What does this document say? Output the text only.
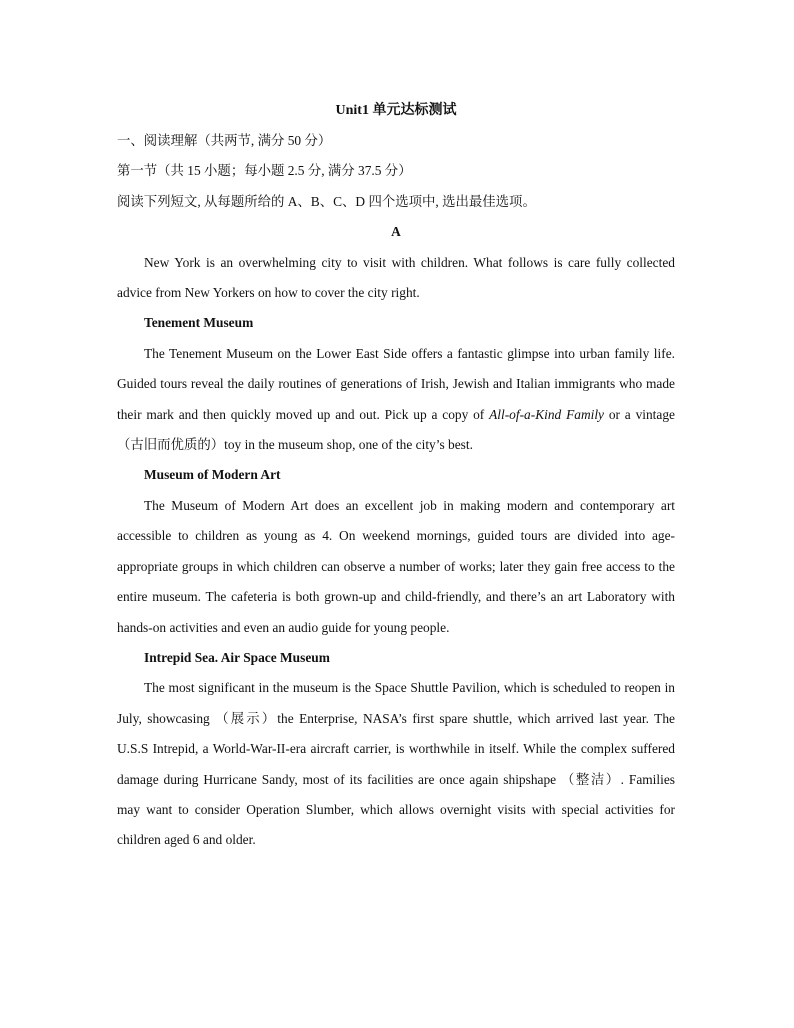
Unit1 单元达标测试
一、阅读理解（共两节, 满分 50 分）
第一节（共 15 小题；每小题 2.5 分, 满分 37.5 分）
阅读下列短文, 从每题所给的 A、B、C、D 四个选项中, 选出最佳选项。
A
New York is an overwhelming city to visit with children. What follows is care fully collected advice from New Yorkers on how to cover the city right.
Tenement Museum
The Tenement Museum on the Lower East Side offers a fantastic glimpse into urban family life. Guided tours reveal the daily routines of generations of Irish, Jewish and Italian immigrants who made their mark and then quickly moved up and out. Pick up a copy of All-of-a-Kind Family or a vintage （古旧而优质的）toy in the museum shop, one of the city’s best.
Museum of Modern Art
The Museum of Modern Art does an excellent job in making modern and contemporary art accessible to children as young as 4. On weekend mornings, guided tours are divided into age-appropriate groups in which children can observe a number of works; later they gain free access to the entire museum. The cafeteria is both grown-up and child-friendly, and there’s an art Laboratory with hands-on activities and even an audio guide for young people.
Intrepid Sea. Air Space Museum
The most significant in the museum is the Space Shuttle Pavilion, which is scheduled to reopen in July, showcasing （展示）the Enterprise, NASA’s first spare shuttle, which arrived last year. The U.S.S Intrepid, a World-War-II-era aircraft carrier, is worthwhile in itself. While the complex suffered damage during Hurricane Sandy, most of its facilities are once again shipshape （整洁）. Families may want to consider Operation Slumber, which allows overnight visits with special activities for children aged 6 and older.
